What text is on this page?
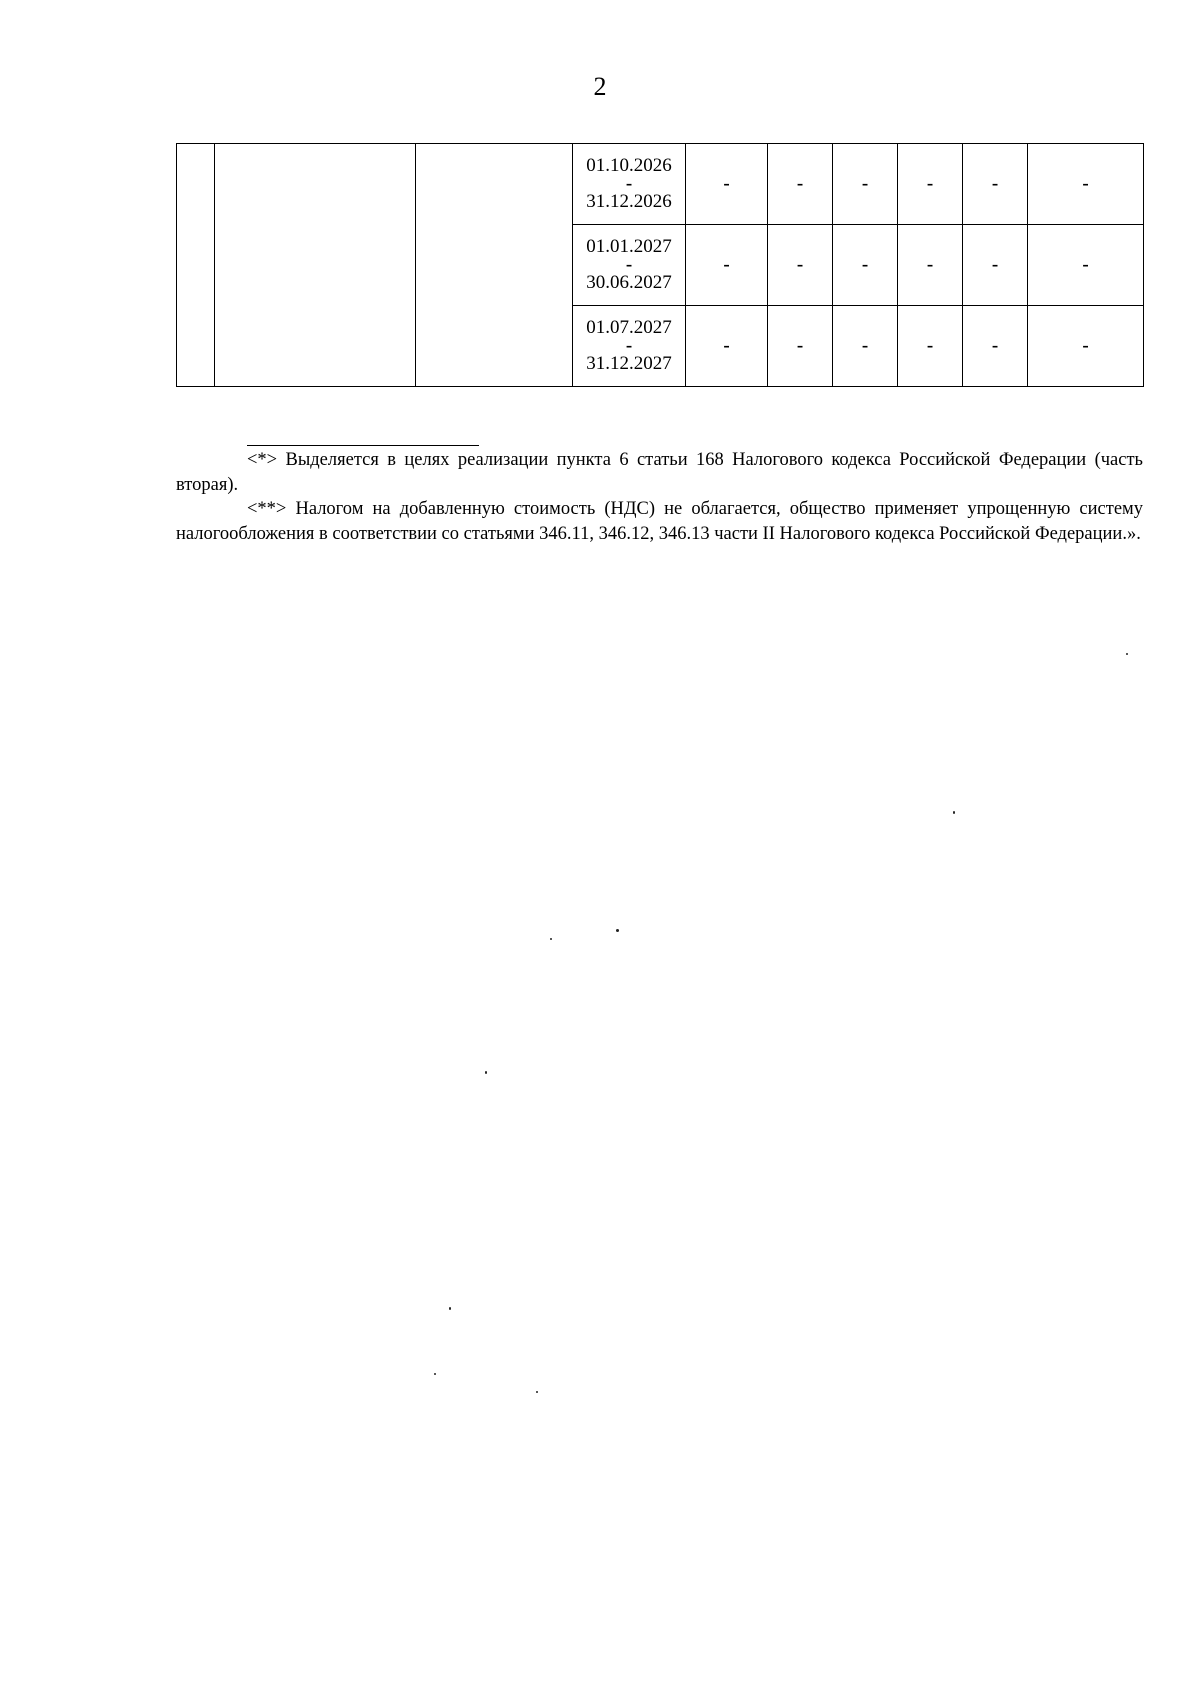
2

			01.10.2026
-
31.12.2026	-	-	-	-	-	-

			01.01.2027
-
30.06.2027	-	-	-	-	-	-

			01.07.2027
-
31.12.2027	-	-	-	-	-	-

<*> Выделяется в целях реализации пункта 6 статьи 168 Налогового кодекса Российской Федерации (часть вторая).

<**> Налогом на добавленную стоимость (НДС) не облагается, общество применяет упрощенную систему налогообложения в соответствии со статьями 346.11, 346.12, 346.13 части II Налогового кодекса Российской Федерации.».
